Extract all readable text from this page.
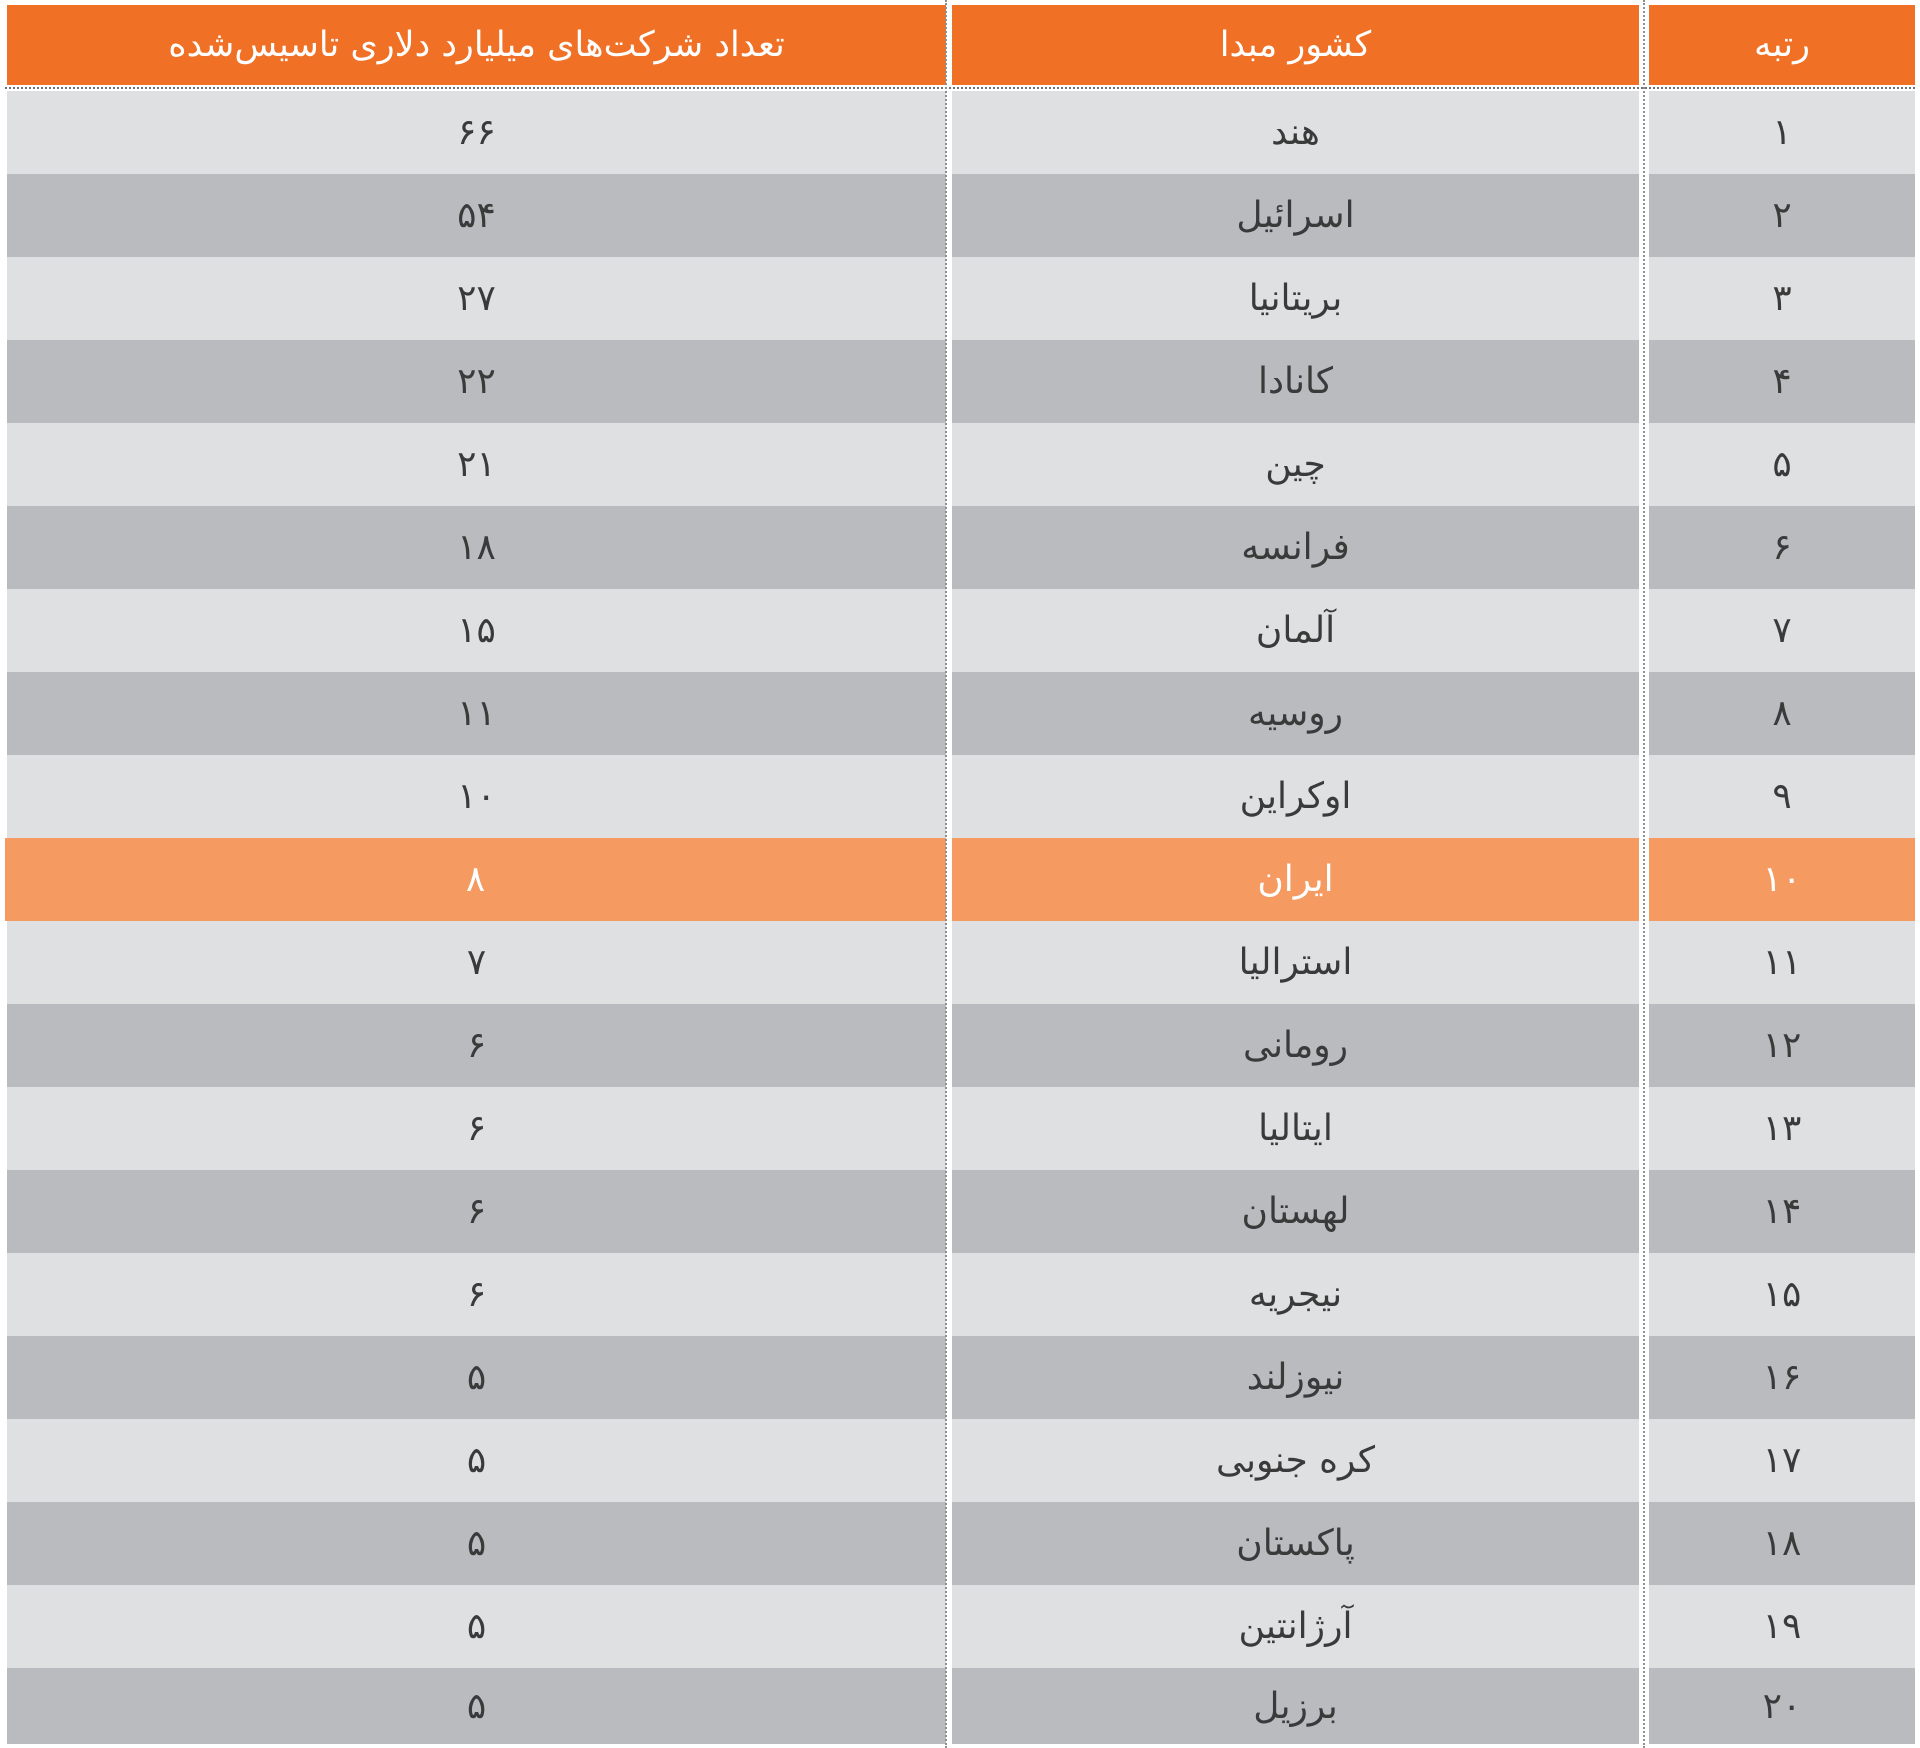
رتبه
کشور مبدا
تعداد شرکت‌های میلیارد دلاری تاسیس‌شده
۱
هند
۶۶
۲
اسرائیل
۵۴
۳
بریتانیا
۲۷
۴
کانادا
۲۲
۵
چین
۲۱
۶
فرانسه
۱۸
۷
آلمان
۱۵
۸
روسیه
۱۱
۹
اوکراین
۱۰
۱۰
ایران
۸
۱۱
استرالیا
۷
۱۲
رومانی
۶
۱۳
ایتالیا
۶
۱۴
لهستان
۶
۱۵
نیجریه
۶
۱۶
نیوزلند
۵
۱۷
کره جنوبی
۵
۱۸
پاکستان
۵
۱۹
آرژانتین
۵
۲۰
برزیل
۵
